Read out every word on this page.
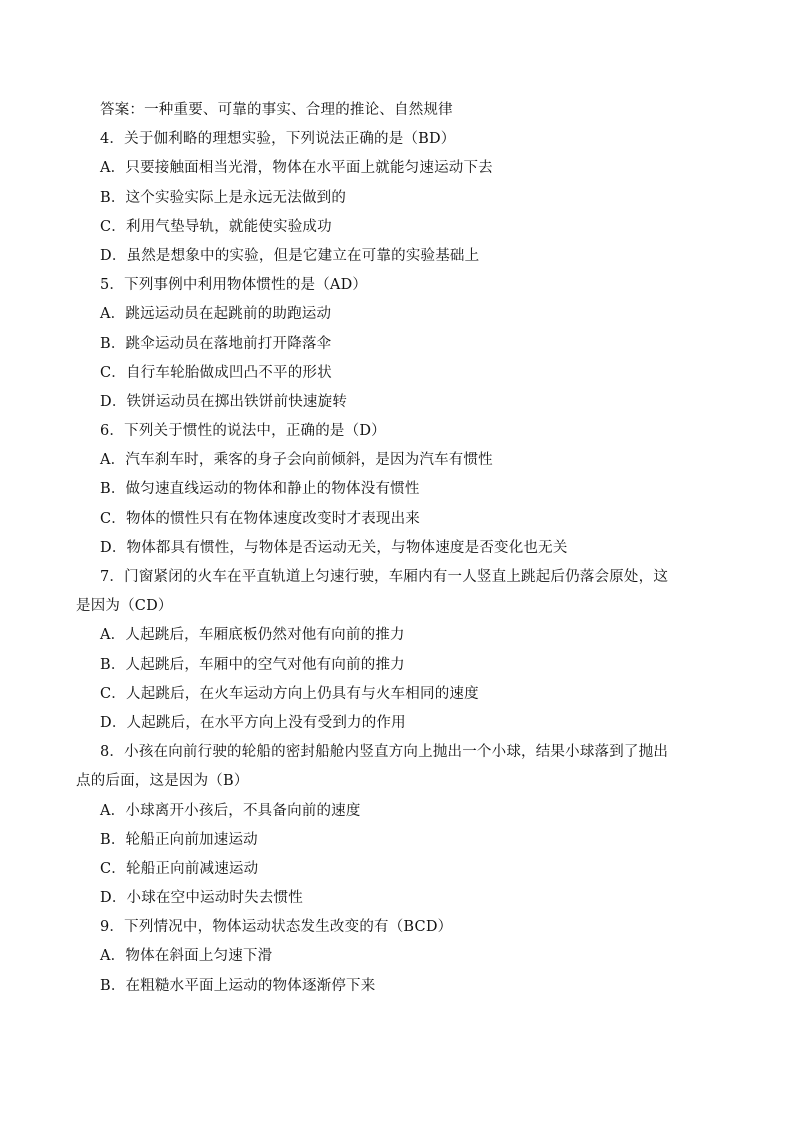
答案：一种重要、可靠的事实、合理的推论、自然规律
4．关于伽利略的理想实验，下列说法正确的是（BD）
A．只要接触面相当光滑，物体在水平面上就能匀速运动下去
B．这个实验实际上是永远无法做到的
C．利用气垫导轨，就能使实验成功
D．虽然是想象中的实验，但是它建立在可靠的实验基础上
5．下列事例中利用物体惯性的是（AD）
A．跳远运动员在起跳前的助跑运动
B．跳伞运动员在落地前打开降落伞
C．自行车轮胎做成凹凸不平的形状
D．铁饼运动员在掷出铁饼前快速旋转
6．下列关于惯性的说法中，正确的是（D）
A．汽车刹车时，乘客的身子会向前倾斜，是因为汽车有惯性
B．做匀速直线运动的物体和静止的物体没有惯性
C．物体的惯性只有在物体速度改变时才表现出来
D．物体都具有惯性，与物体是否运动无关，与物体速度是否变化也无关
7．门窗紧闭的火车在平直轨道上匀速行驶，车厢内有一人竖直上跳起后仍落会原处，这
是因为（CD）
A．人起跳后，车厢底板仍然对他有向前的推力
B．人起跳后，车厢中的空气对他有向前的推力
C．人起跳后，在火车运动方向上仍具有与火车相同的速度
D．人起跳后，在水平方向上没有受到力的作用
8．小孩在向前行驶的轮船的密封船舱内竖直方向上抛出一个小球，结果小球落到了抛出
点的后面，这是因为（B）
A．小球离开小孩后，不具备向前的速度
B．轮船正向前加速运动
C．轮船正向前减速运动
D．小球在空中运动时失去惯性
9．下列情况中，物体运动状态发生改变的有（BCD）
A．物体在斜面上匀速下滑
B．在粗糙水平面上运动的物体逐渐停下来
